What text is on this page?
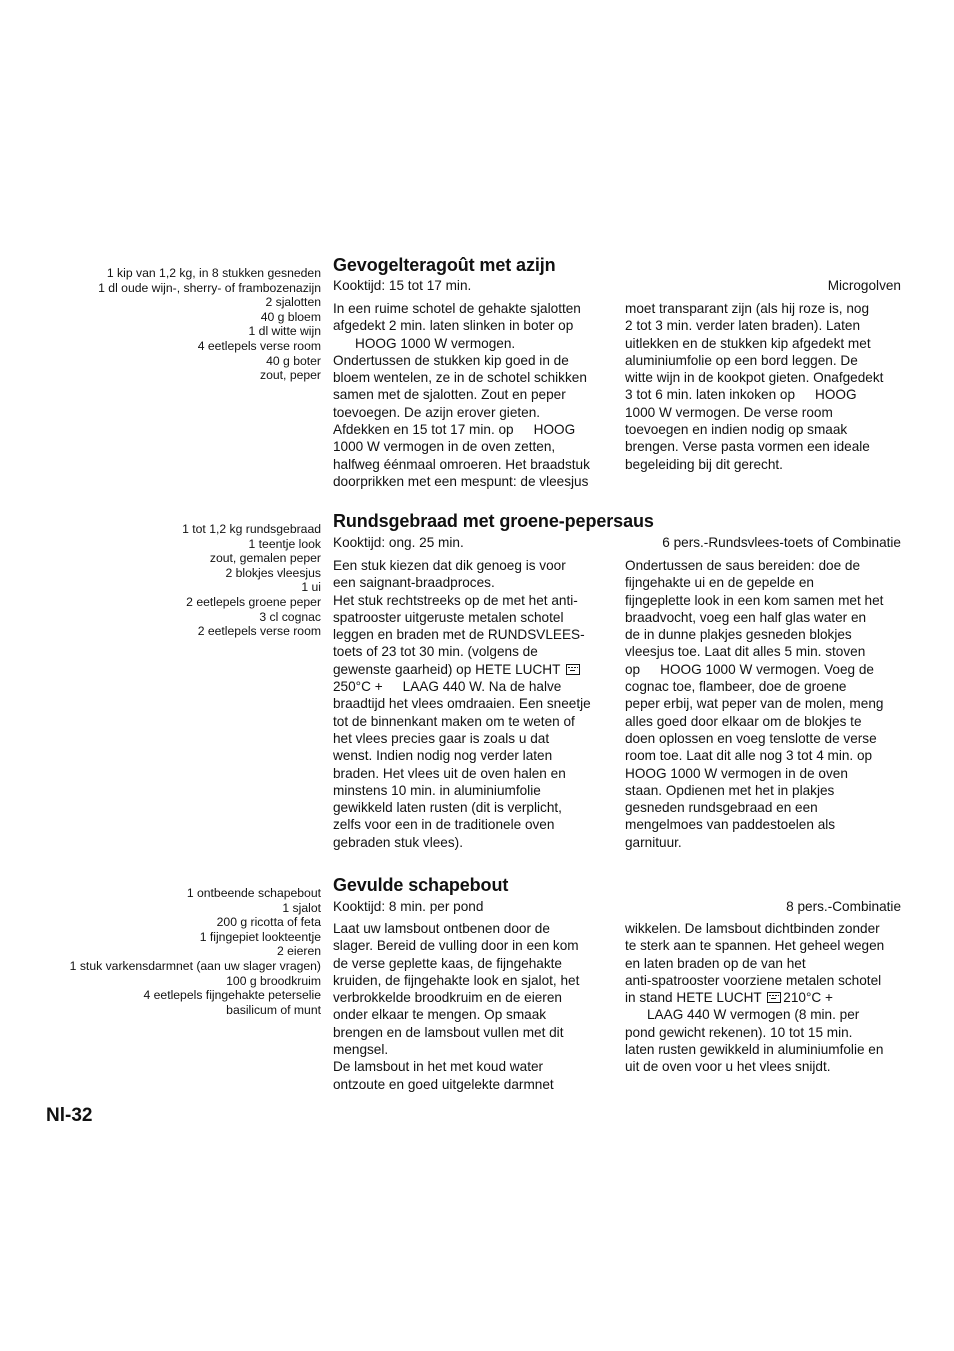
1 kip van 1,2 kg, in 8 stukken gesneden
1 dl oude wijn-, sherry- of frambozenazijn
2 sjalotten
40 g bloem
1 dl witte wijn
4 eetlepels verse room
40 g boter
zout, peper
Gevogelteragoût met azijn
Kooktijd: 15 tot 17 min.	Microgolven
In een ruime schotel de gehakte sjalotten
afgedekt 2 min. laten slinken in boter op
HOOG 1000 W vermogen.
Ondertussen de stukken kip goed in de
bloem wentelen, ze in de schotel schikken
samen met de sjalotten. Zout en peper
toevoegen. De azijn erover gieten.
Afdekken en 15 tot 17 min. op HOOG
1000 W vermogen in de oven zetten,
halfweg éénmaal omroeren. Het braadstuk
doorprikken met een mespunt: de vleesjus
moet transparant zijn (als hij roze is, nog
2 tot 3 min. verder laten braden). Laten
uitlekken en de stukken kip afgedekt met
aluminiumfolie op een bord leggen. De
witte wijn in de kookpot gieten. Onafgedekt
3 tot 6 min. laten inkoken op HOOG
1000 W vermogen. De verse room
toevoegen en indien nodig op smaak
brengen. Verse pasta vormen een ideale
begeleiding bij dit gerecht.
1 tot 1,2 kg rundsgebraad
1 teentje look
zout, gemalen peper
2 blokjes vleesjus
1 ui
2 eetlepels groene peper
3 cl cognac
2 eetlepels verse room
Rundsgebraad met groene-pepersaus
Kooktijd: ong. 25 min.	6 pers.-Rundsvlees-toets of Combinatie
Een stuk kiezen dat dik genoeg is voor
een saignant-braadproces.
Het stuk rechtstreeks op de met het anti-
spatrooster uitgeruste metalen schotel
leggen en braden met de RUNDSVLEES-
toets of 23 tot 30 min. (volgens de
gewenste gaarheid) op HETE LUCHT
250°C + LAAG 440 W. Na de halve
braadtijd het vlees omdraaien. Een sneetje
tot de binnenkant maken om te weten of
het vlees precies gaar is zoals u dat
wenst. Indien nodig nog verder laten
braden. Het vlees uit de oven halen en
minstens 10 min. in aluminiumfolie
gewikkeld laten rusten (dit is verplicht,
zelfs voor een in de traditionele oven
gebraden stuk vlees).
Ondertussen de saus bereiden: doe de
fijngehakte ui en de gepelde en
fijngeplette look in een kom samen met het
braadvocht, voeg een half glas water en
de in dunne plakjes gesneden blokjes
vleesjus toe. Laat dit alles 5 min. stoven
op HOOG 1000 W vermogen. Voeg de
cognac toe, flambeer, doe de groene
peper erbij, wat peper van de molen, meng
alles goed door elkaar om de blokjes te
doen oplossen en voeg tenslotte de verse
room toe. Laat dit alle nog 3 tot 4 min. op
HOOG 1000 W vermogen in de oven
staan. Opdienen met het in plakjes
gesneden rundsgebraad en een
mengelmoes van paddestoelen als
garnituur.
1 ontbeende schapebout
1 sjalot
200 g ricotta of feta
1 fijngepiet lookteentje
2 eieren
1 stuk varkensdarmnet (aan uw slager vragen)
100 g broodkruim
4 eetlepels fijngehakte peterselie
basilicum of munt
Gevulde schapebout
Kooktijd: 8 min. per pond	8 pers.-Combinatie
Laat uw lamsbout ontbenen door de
slager. Bereid de vulling door in een kom
de verse geplette kaas, de fijngehakte
kruiden, de fijngehakte look en sjalot, het
verbrokkelde broodkruim en de eieren
onder elkaar te mengen. Op smaak
brengen en de lamsbout vullen met dit
mengsel.
De lamsbout in het met koud water
ontzoute en goed uitgelekte darmnet
wikkelen. De lamsbout dichtbinden zonder
te sterk aan te spannen. Het geheel wegen
en laten braden op de van het
anti-spatrooster voorziene metalen schotel
in stand HETE LUCHT 210°C +
LAAG 440 W vermogen (8 min. per
pond gewicht rekenen). 10 tot 15 min.
laten rusten gewikkeld in aluminiumfolie en
uit de oven voor u het vlees snijdt.
Nl-32
